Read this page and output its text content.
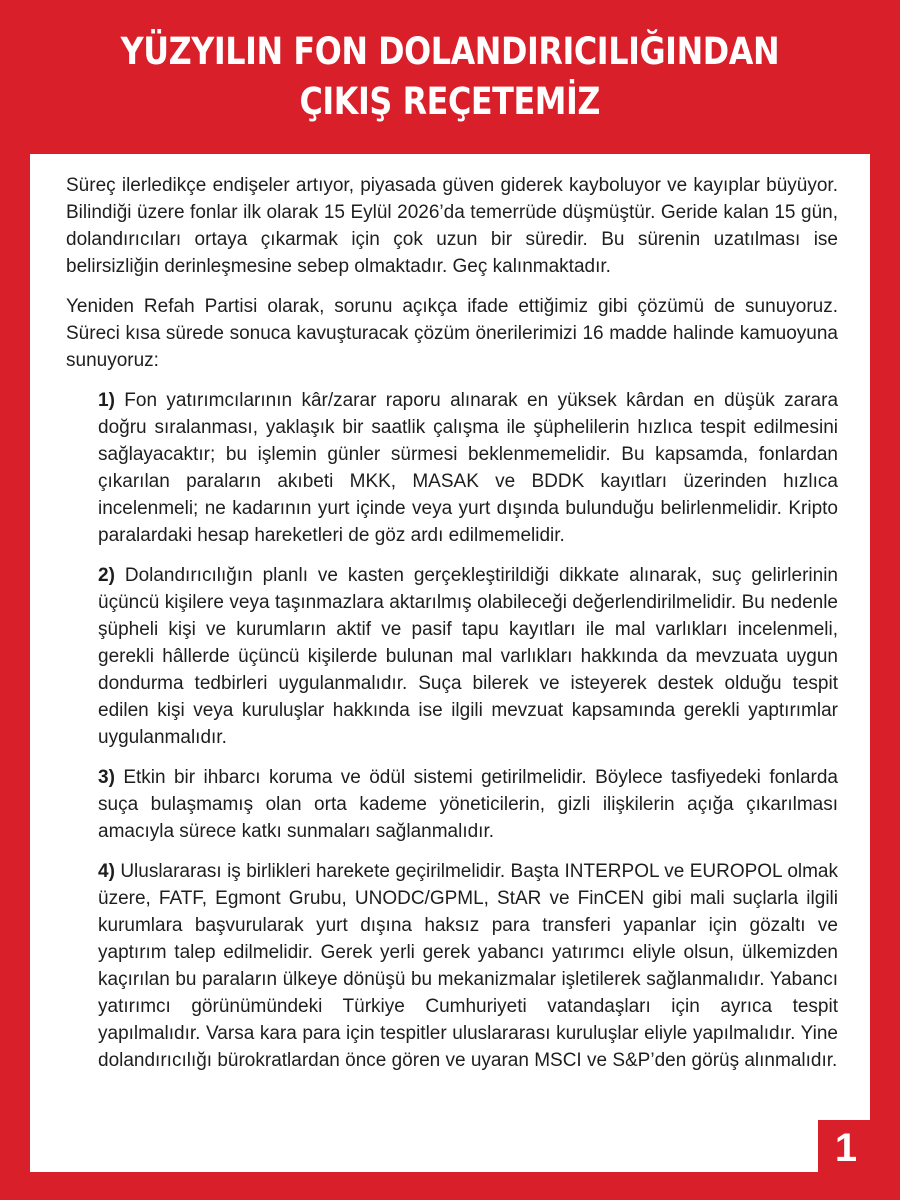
YÜZYILIN FON DOLANDIRICILIĞINDAN
ÇIKIŞ REÇETEMİZ

Süreç ilerledikçe endişeler artıyor, piyasada güven giderek kayboluyor ve kayıplar büyüyor. Bilindiği üzere fonlar ilk olarak 15 Eylül 2026’da temerrüde düşmüştür. Geride kalan 15 gün, dolandırıcıları ortaya çıkarmak için çok uzun bir süredir. Bu sürenin uzatılması ise belirsizliğin derinleşmesine sebep olmaktadır. Geç kalınmaktadır.

Yeniden Refah Partisi olarak, sorunu açıkça ifade ettiğimiz gibi çözümü de sunuyoruz. Süreci kısa sürede sonuca kavuşturacak çözüm önerilerimizi 16 madde halinde kamuoyuna sunuyoruz:

1) Fon yatırımcılarının kâr/zarar raporu alınarak en yüksek kârdan en düşük zarara doğru sıralanması, yaklaşık bir saatlik çalışma ile şüphelilerin hızlıca tespit edilmesini sağlayacaktır; bu işlemin günler sürmesi beklenmemelidir. Bu kapsamda, fonlardan çıkarılan paraların akıbeti MKK, MASAK ve BDDK kayıtları üzerinden hızlıca incelenmeli; ne kadarının yurt içinde veya yurt dışında bulunduğu belirlenmelidir. Kripto paralardaki hesap hareketleri de göz ardı edilmemelidir.

2) Dolandırıcılığın planlı ve kasten gerçekleştirildiği dikkate alınarak, suç gelirlerinin üçüncü kişilere veya taşınmazlara aktarılmış olabileceği değerlendirilmelidir. Bu nedenle şüpheli kişi ve kurumların aktif ve pasif tapu kayıtları ile mal varlıkları incelenmeli, gerekli hâllerde üçüncü kişilerde bulunan mal varlıkları hakkında da mevzuata uygun dondurma tedbirleri uygulanmalıdır. Suça bilerek ve isteyerek destek olduğu tespit edilen kişi veya kuruluşlar hakkında ise ilgili mevzuat kapsamında gerekli yaptırımlar uygulanmalıdır.

3) Etkin bir ihbarcı koruma ve ödül sistemi getirilmelidir. Böylece tasfiyedeki fonlarda suça bulaşmamış olan orta kademe yöneticilerin, gizli ilişkilerin açığa çıkarılması amacıyla sürece katkı sunmaları sağlanmalıdır.

4) Uluslararası iş birlikleri harekete geçirilmelidir. Başta INTERPOL ve EUROPOL olmak üzere, FATF, Egmont Grubu, UNODC/GPML, StAR ve FinCEN gibi mali suçlarla ilgili kurumlara başvurularak yurt dışına haksız para transferi yapanlar için gözaltı ve yaptırım talep edilmelidir. Gerek yerli gerek yabancı yatırımcı eliyle olsun, ülkemizden kaçırılan bu paraların ülkeye dönüşü bu mekanizmalar işletilerek sağlanmalıdır. Yabancı yatırımcı görünümündeki Türkiye Cumhuriyeti vatandaşları için ayrıca tespit yapılmalıdır. Varsa kara para için tespitler uluslararası kuruluşlar eliyle yapılmalıdır. Yine dolandırıcılığı bürokratlardan önce gören ve uyaran MSCI ve S&P’den görüş alınmalıdır.

1
